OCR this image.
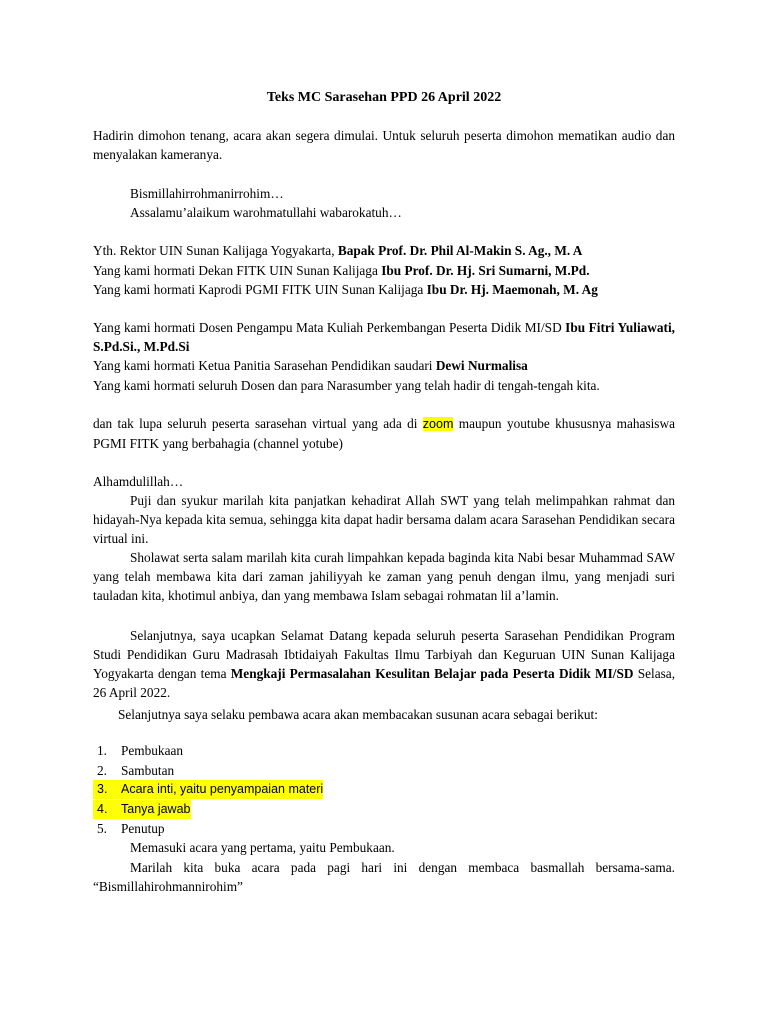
Teks MC Sarasehan PPD 26 April 2022
Hadirin dimohon tenang, acara akan segera dimulai. Untuk seluruh peserta dimohon mematikan audio dan menyalakan kameranya.
Bismillahirrohmanirrohim…
Assalamu’alaikum warohmatullahi wabarokatuh…
Yth. Rektor UIN Sunan Kalijaga Yogyakarta, Bapak Prof. Dr. Phil Al-Makin S. Ag., M. A
Yang kami hormati Dekan FITK UIN Sunan Kalijaga Ibu Prof. Dr. Hj. Sri Sumarni, M.Pd.
Yang kami hormati Kaprodi PGMI FITK UIN Sunan Kalijaga Ibu Dr. Hj. Maemonah, M. Ag
Yang kami hormati Dosen Pengampu Mata Kuliah Perkembangan Peserta Didik MI/SD Ibu Fitri Yuliawati, S.Pd.Si., M.Pd.Si
Yang kami hormati Ketua Panitia Sarasehan Pendidikan saudari Dewi Nurmalisa
Yang kami hormati seluruh Dosen dan para Narasumber yang telah hadir di tengah-tengah kita.
dan tak lupa seluruh peserta sarasehan virtual yang ada di zoom maupun youtube khususnya mahasiswa PGMI FITK yang berbahagia (channel yotube)
Alhamdulillah…
Puji dan syukur marilah kita panjatkan kehadirat Allah SWT yang telah melimpahkan rahmat dan hidayah-Nya kepada kita semua, sehingga kita dapat hadir bersama dalam acara Sarasehan Pendidikan secara virtual ini.
Sholawat serta salam marilah kita curah limpahkan kepada baginda kita Nabi besar Muhammad SAW yang telah membawa kita dari zaman jahiliyyah ke zaman yang penuh dengan ilmu, yang menjadi suri tauladan kita, khotimul anbiya, dan yang membawa Islam sebagai rohmatan lil a’lamin.
Selanjutnya, saya ucapkan Selamat Datang kepada seluruh peserta Sarasehan Pendidikan Program Studi Pendidikan Guru Madrasah Ibtidaiyah Fakultas Ilmu Tarbiyah dan Keguruan UIN Sunan Kalijaga Yogyakarta dengan tema Mengkaji Permasalahan Kesulitan Belajar pada Peserta Didik MI/SD Selasa, 26 April 2022.
Selanjutnya saya selaku pembawa acara akan membacakan susunan acara sebagai berikut:
1.	Pembukaan
2.	Sambutan
3.	Acara inti, yaitu penyampaian materi
4.	Tanya jawab
5.	Penutup
Memasuki acara yang pertama, yaitu Pembukaan.
Marilah kita buka acara pada pagi hari ini dengan membaca basmallah bersama-sama. “Bismillahirohmannirohim”
